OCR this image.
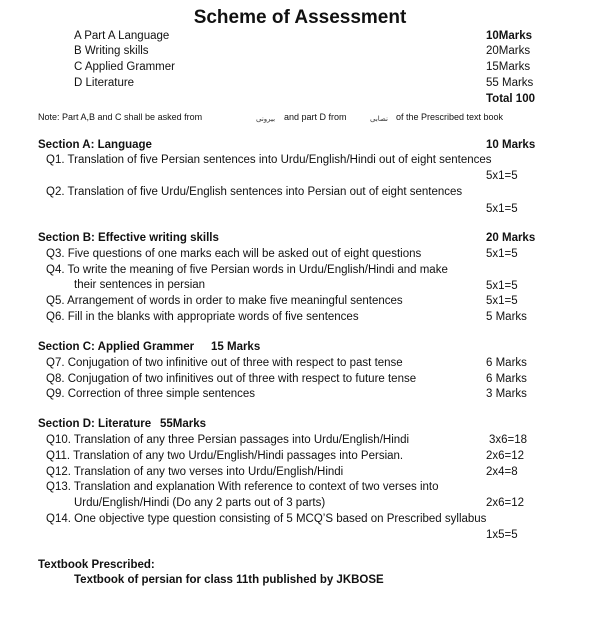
Scheme of Assessment
A Part A Language	10Marks
B Writing skills	20Marks
C Applied Grammer	15Marks
D Literature	55 Marks
Total 100
Note: Part A,B and C shall be asked from	بیرونی and part D from	نصابی of the Prescribed text book
Section A: Language	10 Marks
Q1. Translation of five Persian sentences into Urdu/English/Hindi out of eight sentences
5x1=5
Q2. Translation of five Urdu/English sentences into Persian out of eight sentences
5x1=5
Section B: Effective writing skills	20 Marks
Q3. Five questions of one marks each will be asked out of eight questions	5x1=5
Q4. To write the meaning of five Persian words in Urdu/English/Hindi and make
their sentences in persian	5x1=5
Q5. Arrangement of words in order to make five meaningful sentences	5x1=5
Q6. Fill in the blanks with appropriate words of five sentences	5 Marks
Section C: Applied Grammer 15 Marks
Q7. Conjugation of two infinitive out of three with respect to past tense	6 Marks
Q8. Conjugation of two infinitives out of three with respect to future tense	6 Marks
Q9. Correction of three simple sentences	3 Marks
Section D: Literature 55Marks
Q10. Translation of any three Persian passages into Urdu/English/Hindi	3x6=18
Q11. Translation of any two Urdu/English/Hindi passages into Persian.	2x6=12
Q12. Translation of any two verses into Urdu/English/Hindi	2x4=8
Q13. Translation and explanation With reference to context of two verses into
Urdu/English/Hindi (Do any 2 parts out of 3 parts)	2x6=12
Q14. One objective type question consisting of 5 MCQ’S based on Prescribed syllabus
1x5=5
Textbook Prescribed:
Textbook of persian for class 11th published by JKBOSE
